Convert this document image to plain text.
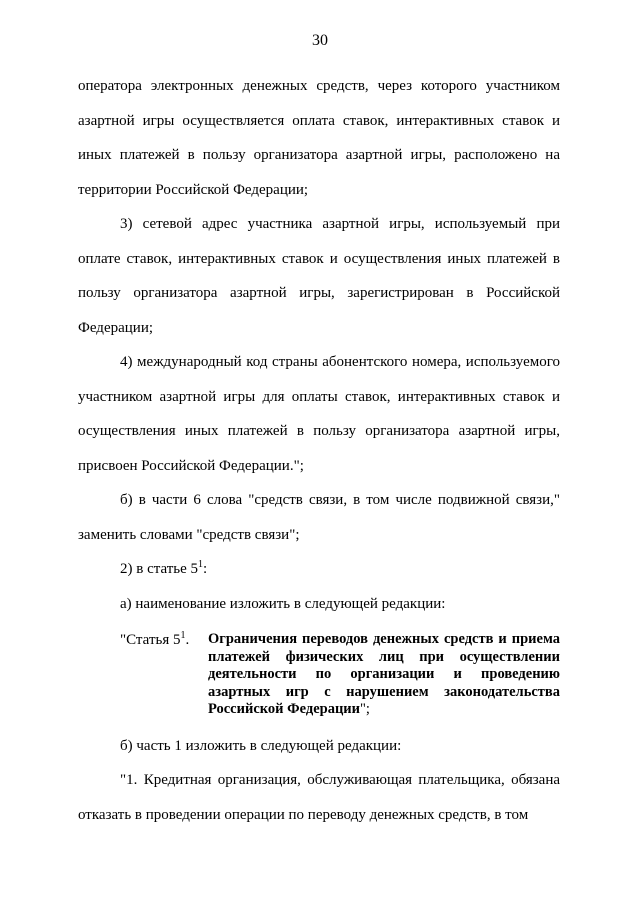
30

оператора электронных денежных средств, через которого участником азартной игры осуществляется оплата ставок, интерактивных ставок и иных платежей в пользу организатора азартной игры, расположено на территории Российской Федерации;

3) сетевой адрес участника азартной игры, используемый при оплате ставок, интерактивных ставок и осуществления иных платежей в пользу организатора азартной игры, зарегистрирован в Российской Федерации;

4) международный код страны абонентского номера, используемого участником азартной игры для оплаты ставок, интерактивных ставок и осуществления иных платежей в пользу организатора азартной игры, присвоен Российской Федерации.";

б) в части 6 слова "средств связи, в том числе подвижной связи," заменить словами "средств связи";

2) в статье $5^1$:

а) наименование изложить в следующей редакции:

"Статья $5^1$.	Ограничения переводов денежных средств и приема платежей физических лиц при осуществлении деятельности по организации и проведению азартных игр с нарушением законодательства Российской Федерации";

б) часть 1 изложить в следующей редакции:

"1. Кредитная организация, обслуживающая плательщика, обязана отказать в проведении операции по переводу денежных средств, в том
